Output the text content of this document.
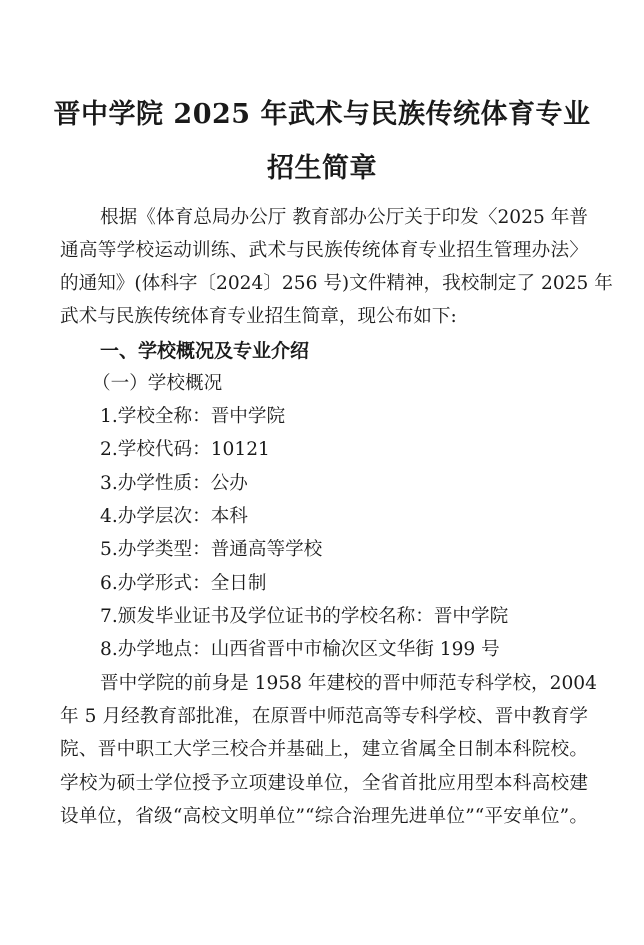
晋中学院 2025 年武术与民族传统体育专业
招生简章
根据《体育总局办公厅 教育部办公厅关于印发〈2025 年普
通高等学校运动训练、武术与民族传统体育专业招生管理办法〉
的通知》(体科字〔2024〕256 号)文件精神，我校制定了 2025 年
武术与民族传统体育专业招生简章，现公布如下:
一、学校概况及专业介绍
（一）学校概况
1.学校全称：晋中学院
2.学校代码：10121
3.办学性质：公办
4.办学层次：本科
5.办学类型：普通高等学校
6.办学形式：全日制
7.颁发毕业证书及学位证书的学校名称：晋中学院
8.办学地点：山西省晋中市榆次区文华街 199 号
晋中学院的前身是 1958 年建校的晋中师范专科学校，2004
年 5 月经教育部批准，在原晋中师范高等专科学校、晋中教育学
院、晋中职工大学三校合并基础上，建立省属全日制本科院校。
学校为硕士学位授予立项建设单位，全省首批应用型本科高校建
设单位，省级“高校文明单位”“综合治理先进单位”“平安单位”。
